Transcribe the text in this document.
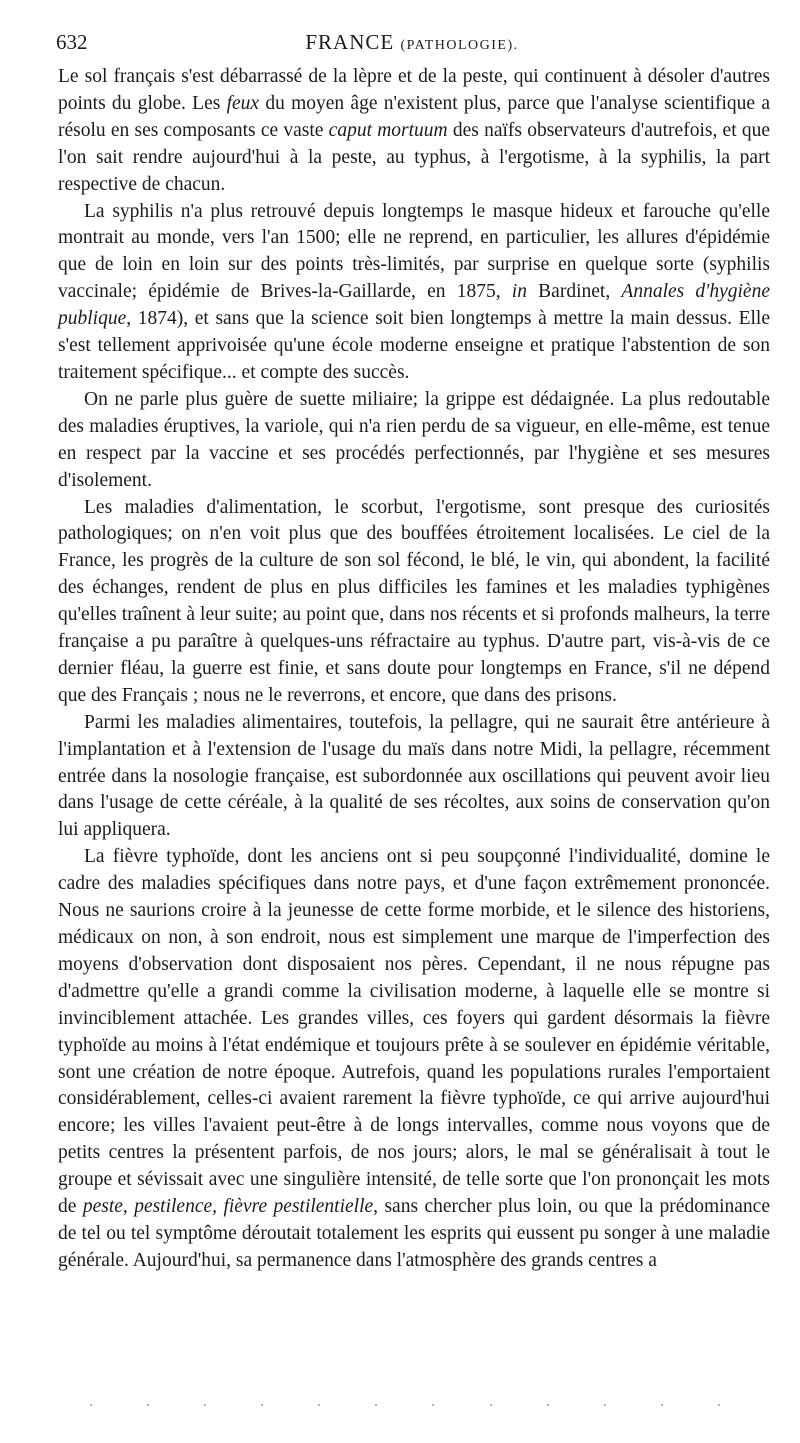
632	FRANCE (PATHOLOGIE).

Le sol français s'est débarrassé de la lèpre et de la peste, qui continuent à désoler d'autres points du globe. Les feux du moyen âge n'existent plus, parce que l'analyse scientifique a résolu en ses composants ce vaste caput mortuum des naïfs observateurs d'autrefois, et que l'on sait rendre aujourd'hui à la peste, au typhus, à l'ergotisme, à la syphilis, la part respective de chacun.

La syphilis n'a plus retrouvé depuis longtemps le masque hideux et farouche qu'elle montrait au monde, vers l'an 1500; elle ne reprend, en particulier, les allures d'épidémie que de loin en loin sur des points très-limités, par surprise en quelque sorte (syphilis vaccinale; épidémie de Brives-la-Gaillarde, en 1875, in Bardinet, Annales d'hygiène publique, 1874), et sans que la science soit bien longtemps à mettre la main dessus. Elle s'est tellement apprivoisée qu'une école moderne enseigne et pratique l'abstention de son traitement spécifique... et compte des succès.

On ne parle plus guère de suette miliaire; la grippe est dédaignée. La plus redoutable des maladies éruptives, la variole, qui n'a rien perdu de sa vigueur, en elle-même, est tenue en respect par la vaccine et ses procédés perfectionnés, par l'hygiène et ses mesures d'isolement.

Les maladies d'alimentation, le scorbut, l'ergotisme, sont presque des curiosités pathologiques; on n'en voit plus que des bouffées étroitement localisées. Le ciel de la France, les progrès de la culture de son sol fécond, le blé, le vin, qui abondent, la facilité des échanges, rendent de plus en plus difficiles les famines et les maladies typhigènes qu'elles traînent à leur suite; au point que, dans nos récents et si profonds malheurs, la terre française a pu paraître à quelques-uns réfractaire au typhus. D'autre part, vis-à-vis de ce dernier fléau, la guerre est finie, et sans doute pour longtemps en France, s'il ne dépend que des Français ; nous ne le reverrons, et encore, que dans des prisons.

Parmi les maladies alimentaires, toutefois, la pellagre, qui ne saurait être antérieure à l'implantation et à l'extension de l'usage du maïs dans notre Midi, la pellagre, récemment entrée dans la nosologie française, est subordonnée aux oscillations qui peuvent avoir lieu dans l'usage de cette céréale, à la qualité de ses récoltes, aux soins de conservation qu'on lui appliquera.

La fièvre typhoïde, dont les anciens ont si peu soupçonné l'individualité, domine le cadre des maladies spécifiques dans notre pays, et d'une façon extrêmement prononcée. Nous ne saurions croire à la jeunesse de cette forme morbide, et le silence des historiens, médicaux on non, à son endroit, nous est simplement une marque de l'imperfection des moyens d'observation dont disposaient nos pères. Cependant, il ne nous répugne pas d'admettre qu'elle a grandi comme la civilisation moderne, à laquelle elle se montre si invinciblement attachée. Les grandes villes, ces foyers qui gardent désormais la fièvre typhoïde au moins à l'état endémique et toujours prête à se soulever en épidémie véritable, sont une création de notre époque. Autrefois, quand les populations rurales l'emportaient considérablement, celles-ci avaient rarement la fièvre typhoïde, ce qui arrive aujourd'hui encore; les villes l'avaient peut-être à de longs intervalles, comme nous voyons que de petits centres la présentent parfois, de nos jours; alors, le mal se généralisait à tout le groupe et sévissait avec une singulière intensité, de telle sorte que l'on prononçait les mots de peste, pestilence, fièvre pestilentielle, sans chercher plus loin, ou que la prédominance de tel ou tel symptôme déroutait totalement les esprits qui eussent pu songer à une maladie générale. Aujourd'hui, sa permanence dans l'atmosphère des grands centres a
